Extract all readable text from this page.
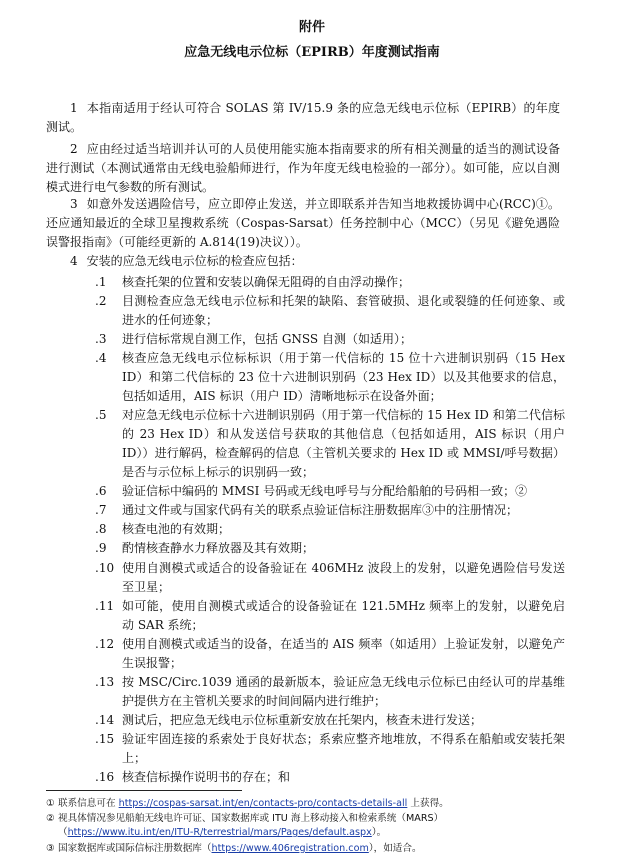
附件
应急无线电示位标（EPIRB）年度测试指南
1 本指南适用于经认可符合 SOLAS 第 IV/15.9 条的应急无线电示位标（EPIRB）的年度测试。
2 应由经过适当培训并认可的人员使用能实施本指南要求的所有相关测量的适当的测试设备进行测试（本测试通常由无线电验船师进行，作为年度无线电检验的一部分）。如可能，应以自测模式进行电气参数的所有测试。
3 如意外发送遇险信号，应立即停止发送，并立即联系并告知当地救援协调中心(RCC)①。还应通知最近的全球卫星搜救系统（Cospas-Sarsat）任务控制中心（MCC）（另见《避免遇险误警报指南》（可能经更新的 A.814(19)决议））。
4 安装的应急无线电示位标的检查应包括：
.1 核查托架的位置和安装以确保无阻碍的自由浮动操作；
.2 目测检查应急无线电示位标和托架的缺陷、套管破损、退化或裂缝的任何迹象、或进水的任何迹象；
.3 进行信标常规自测工作，包括 GNSS 自测（如适用）；
.4 核查应急无线电示位标标识（用于第一代信标的 15 位十六进制识别码（15 Hex ID）和第二代信标的 23 位十六进制识别码（23 Hex ID）以及其他要求的信息，包括如适用，AIS 标识（用户 ID）清晰地标示在设备外面；
.5 对应急无线电示位标十六进制识别码（用于第一代信标的 15 Hex ID 和第二代信标的 23 Hex ID）和从发送信号获取的其他信息（包括如适用，AIS 标识（用户 ID））进行解码，检查解码的信息（主管机关要求的 Hex ID 或 MMSI/呼号数据）是否与示位标上标示的识别码一致；
.6 验证信标中编码的 MMSI 号码或无线电呼号与分配给船舶的号码相一致；②
.7 通过文件或与国家代码有关的联系点验证信标注册数据库③中的注册情况；
.8 核查电池的有效期；
.9 酌情核查静水力释放器及其有效期；
.10 使用自测模式或适合的设备验证在 406MHz 波段上的发射，以避免遇险信号发送至卫星；
.11 如可能，使用自测模式或适合的设备验证在 121.5MHz 频率上的发射，以避免启动 SAR 系统；
.12 使用自测模式或适当的设备，在适当的 AIS 频率（如适用）上验证发射，以避免产生误报警；
.13 按 MSC/Circ.1039 通函的最新版本，验证应急无线电示位标已由经认可的岸基维护提供方在主管机关要求的时间间隔内进行维护；
.14 测试后，把应急无线电示位标重新安放在托架内，核查未进行发送；
.15 验证牢固连接的系索处于良好状态；系索应整齐地堆放，不得系在船舶或安装托架上；
.16 核查信标操作说明书的存在；和
① 联系信息可在 https://cospas-sarsat.int/en/contacts-pro/contacts-details-all 上获得。
② 视具体情况参见船舶无线电许可证、国家数据库或 ITU 海上移动接入和检索系统（MARS）
（https://www.itu.int/en/ITU-R/terrestrial/mars/Pages/default.aspx）。
③ 国家数据库或国际信标注册数据库（https://www.406registration.com），如适合。
